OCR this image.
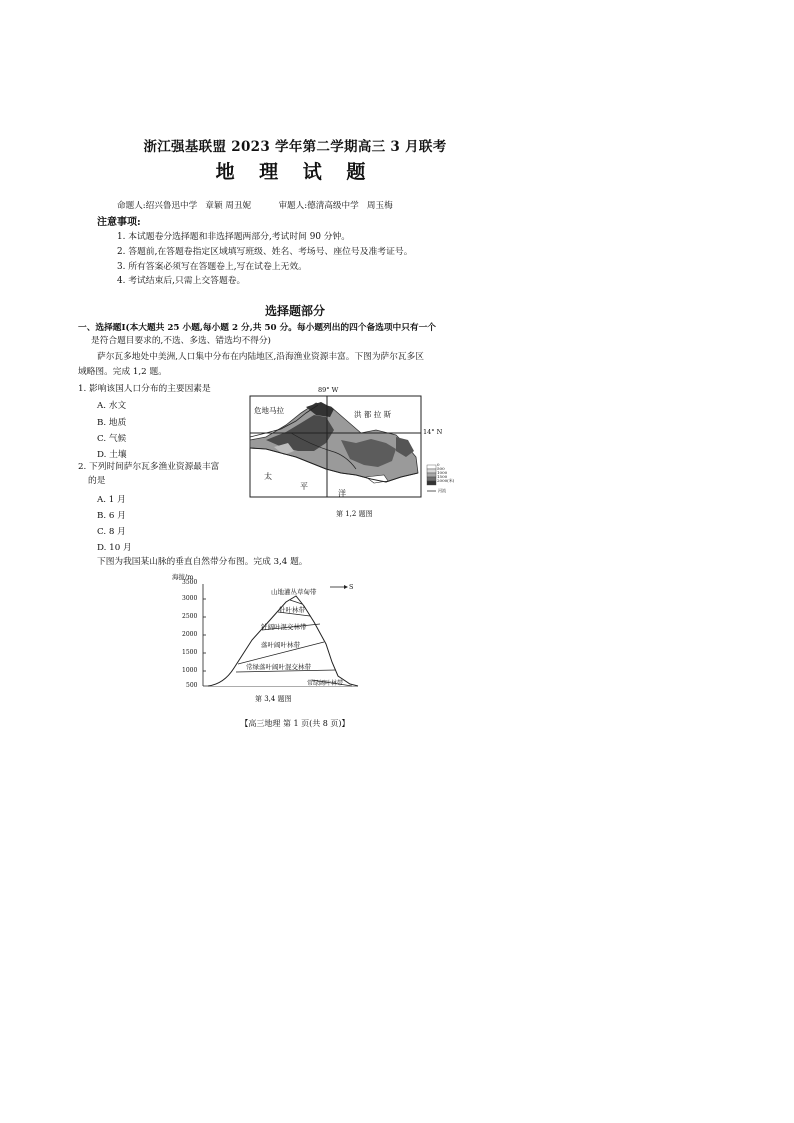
浙江强基联盟 2023 学年第二学期高三 3 月联考
地 理 试 题
命题人:绍兴鲁迅中学   章颖 周丑妮          审题人:德清高级中学   周玉梅
注意事项:
1. 本试题卷分选择题和非选择题两部分,考试时间 90 分钟。
2. 答题前,在答题卷指定区域填写班级、姓名、考场号、座位号及准考证号。
3. 所有答案必须写在答题卷上,写在试卷上无效。
4. 考试结束后,只需上交答题卷。
选择题部分
一、选择题Ⅰ(本大题共 25 小题,每小题 2 分,共 50 分。每小题列出的四个备选项中只有一个
是符合题目要求的,不选、多选、错选均不得分)
萨尔瓦多地处中美洲,人口集中分布在内陆地区,沿海渔业资源丰富。下图为萨尔瓦多区
域略图。完成 1,2 题。
1. 影响该国人口分布的主要因素是
A. 水文
B. 地质
C. 气候
D. 土壤
2. 下列时间萨尔瓦多渔业资源最丰富
的是
A. 1 月
B. 6 月
C. 8 月
D. 10 月
89° W
14° N
危地马拉	洪 都 拉 斯
太
平
洋
0
500
1000
1500
2000(米)
河流
第 1,2 题图
下图为我国某山脉的垂直自然带分布图。完成 3,4 题。
海拔/m
3500
3000
2500
2000
1500
1000
500
S
山地灌丛草甸带
针叶林带
针阔叶混交林带
落叶阔叶林带
常绿落叶阔叶混交林带
常绿阔叶林带
第 3,4 题图
【高三地理 第 1 页(共 8 页)】
